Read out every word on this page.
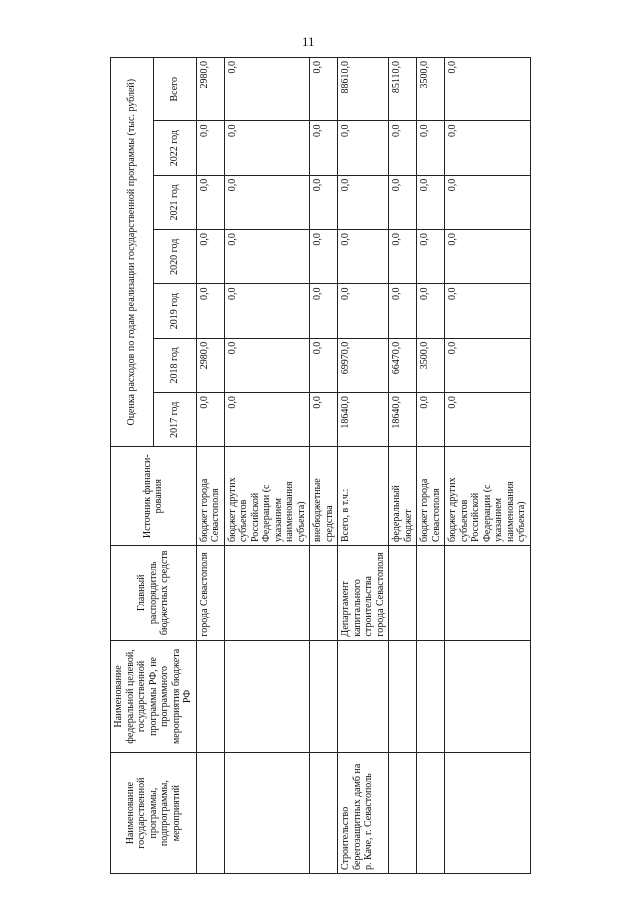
11
Наименование государственной программы, подпрограммы, мероприятий	Наименование федеральной целевой, государственной программы РФ, не программного мероприятия бюджета РФ	Главный распорядитель бюджетных средств	Источник финанси-рования	Оценка расходов по годам реализации государственной программы (тыс. рублей)						
				2017 год	2018 год	2019 год	2020 год	2021 год	2022 год	Всего
		города Севастополя	бюджет города Севастополя	0,0	2980,0	0,0	0,0	0,0	0,0	2980,0
			бюджет других субъектов Российской Федерации (с указанием наименования субъекта)	0,0	0,0	0,0	0,0	0,0	0,0	0,0
			внебюджетные средства	0,0	0,0	0,0	0,0	0,0	0,0	0,0
Строительство берегозащитных дамб на р. Каче, г. Севастополь		Департамент капитального строительства города Севастополя	Всего, в т.ч.:	18640,0	69970,0	0,0	0,0	0,0	0,0	88610,0
			федеральный бюджет	18640,0	66470,0	0,0	0,0	0,0	0,0	85110,0
			бюджет города Севастополя	0,0	3500,0	0,0	0,0	0,0	0,0	3500,0
			бюджет других субъектов Российской Федерации (с указанием наименования субъекта)	0,0	0,0	0,0	0,0	0,0	0,0	0,0
